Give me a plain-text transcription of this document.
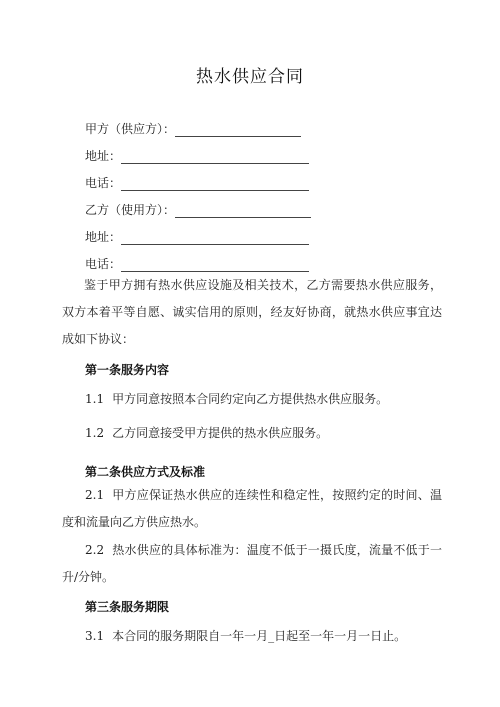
热水供应合同
甲方（供应方）：
地址：
电话：
乙方（使用方）：
地址：
电话：
鉴于甲方拥有热水供应设施及相关技术，乙方需要热水供应服务，双方本着平等自愿、诚实信用的原则，经友好协商，就热水供应事宜达成如下协议：
第一条服务内容
1.1 甲方同意按照本合同约定向乙方提供热水供应服务。
1.2 乙方同意接受甲方提供的热水供应服务。
第二条供应方式及标准
2.1 甲方应保证热水供应的连续性和稳定性，按照约定的时间、温度和流量向乙方供应热水。
2.2 热水供应的具体标准为：温度不低于一摄氏度，流量不低于一升/分钟。
第三条服务期限
3.1 本合同的服务期限自一年一月_日起至一年一月一日止。
